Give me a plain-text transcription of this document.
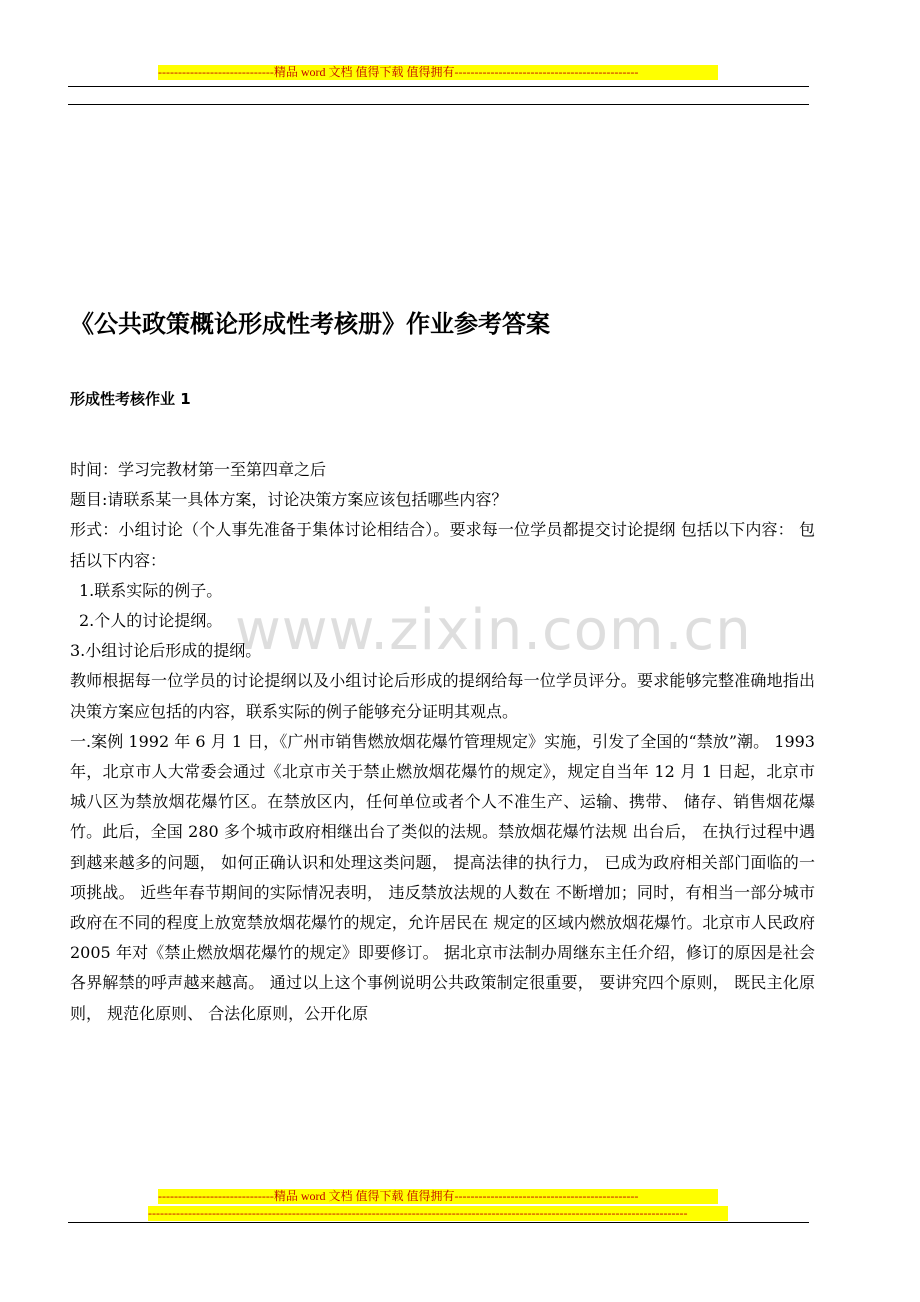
-----------------------------精品 word 文档 值得下载 值得拥有----------------------------------------------
《公共政策概论形成性考核册》作业参考答案
形成性考核作业 1
www.zixin.com.cn

时间：学习完教材第一至第四章之后

题目:请联系某一具体方案，讨论决策方案应该包括哪些内容？

形式：小组讨论（个人事先准备于集体讨论相结合）。要求每一位学员都提交讨论提纲 包括以下内容： 包括以下内容：

1.联系实际的例子。

2.个人的讨论提纲。

3.小组讨论后形成的提纲。

教师根据每一位学员的讨论提纲以及小组讨论后形成的提纲给每一位学员评分。要求能够完整准确地指出决策方案应包括的内容，联系实际的例子能够充分证明其观点。

一.案例 1992 年 6 月 1 日，《广州市销售燃放烟花爆竹管理规定》实施，引发了全国的“禁放”潮。 1993 年，北京市人大常委会通过《北京市关于禁止燃放烟花爆竹的规定》，规定自当年 12 月 1 日起，北京市城八区为禁放烟花爆竹区。在禁放区内，任何单位或者个人不准生产、运输、携带、 储存、销售烟花爆竹。此后，全国 280 多个城市政府相继出台了类似的法规。禁放烟花爆竹法规 出台后， 在执行过程中遇到越来越多的问题， 如何正确认识和处理这类问题， 提高法律的执行力， 已成为政府相关部门面临的一项挑战。 近些年春节期间的实际情况表明， 违反禁放法规的人数在 不断增加；同时，有相当一部分城市政府在不同的程度上放宽禁放烟花爆竹的规定，允许居民在 规定的区域内燃放烟花爆竹。北京市人民政府 2005 年对《禁止燃放烟花爆竹的规定》即要修订。 据北京市法制办周继东主任介绍，修订的原因是社会各界解禁的呼声越来越高。 通过以上这个事例说明公共政策制定很重要， 要讲究四个原则， 既民主化原则， 规范化原则、 合法化原则，公开化原

-----------------------------精品 word 文档 值得下载 值得拥有----------------------------------------------
---------------------------------------------------------------------------------------------------------------------------------------
